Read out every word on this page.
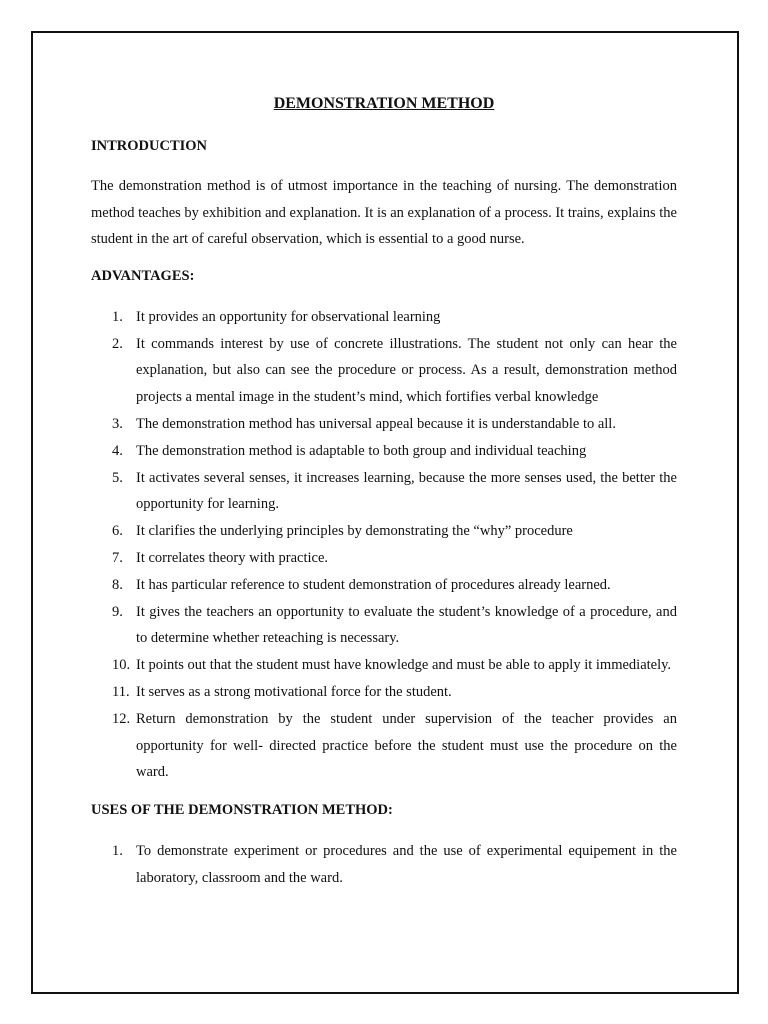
DEMONSTRATION METHOD
INTRODUCTION

The demonstration method is of utmost importance in the teaching of nursing. The demonstration method teaches by exhibition and explanation. It is an explanation of a process. It trains, explains the student in the art of careful observation, which is essential to a good nurse.

ADVANTAGES:
1. It provides an opportunity for observational learning
2. It commands interest by use of concrete illustrations. The student not only can hear the explanation, but also can see the procedure or process. As a result, demonstration method projects a mental image in the student’s mind, which fortifies verbal knowledge
3. The demonstration method has universal appeal because it is understandable to all.
4. The demonstration method is adaptable to both group and individual teaching
5. It activates several senses, it increases learning, because the more senses used, the better the opportunity for learning.
6. It clarifies the underlying principles by demonstrating the “why” procedure
7. It correlates theory with practice.
8. It has particular reference to student demonstration of procedures already learned.
9. It gives the teachers an opportunity to evaluate the student’s knowledge of a procedure, and to determine whether reteaching is necessary.
10. It points out that the student must have knowledge and must be able to apply it immediately.
11. It serves as a strong motivational force for the student.
12. Return demonstration by the student under supervision of the teacher provides an opportunity for well- directed practice before the student must use the procedure on the ward.
USES OF THE DEMONSTRATION METHOD:
1. To demonstrate experiment or procedures and the use of experimental equipement in the laboratory, classroom and the ward.
